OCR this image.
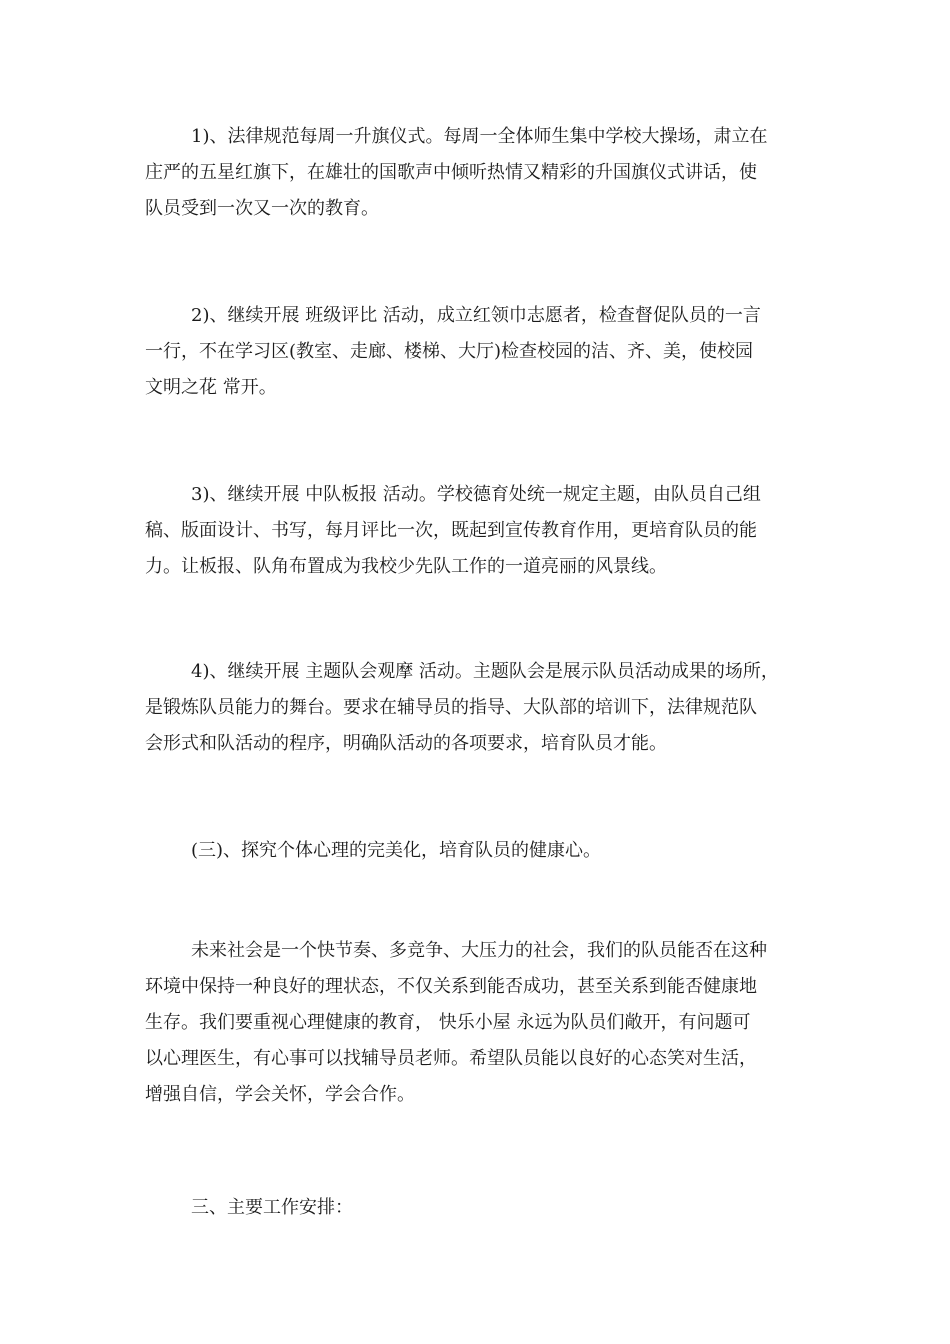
1)、法律规范每周一升旗仪式。每周一全体师生集中学校大操场，肃立在
庄严的五星红旗下，在雄壮的国歌声中倾听热情又精彩的升国旗仪式讲话，使
队员受到一次又一次的教育。

2)、继续开展 班级评比 活动，成立红领巾志愿者，检查督促队员的一言
一行，不在学习区(教室、走廊、楼梯、大厅)检查校园的洁、齐、美，使校园
文明之花 常开。

3)、继续开展 中队板报 活动。学校德育处统一规定主题，由队员自己组
稿、版面设计、书写，每月评比一次，既起到宣传教育作用，更培育队员的能
力。让板报、队角布置成为我校少先队工作的一道亮丽的风景线。

4)、继续开展 主题队会观摩 活动。主题队会是展示队员活动成果的场所，
是锻炼队员能力的舞台。要求在辅导员的指导、大队部的培训下，法律规范队
会形式和队活动的程序，明确队活动的各项要求，培育队员才能。

(三)、探究个体心理的完美化，培育队员的健康心。

未来社会是一个快节奏、多竞争、大压力的社会，我们的队员能否在这种
环境中保持一种良好的理状态，不仅关系到能否成功，甚至关系到能否健康地
生存。我们要重视心理健康的教育， 快乐小屋 永远为队员们敞开，有问题可
以心理医生，有心事可以找辅导员老师。希望队员能以良好的心态笑对生活，
增强自信，学会关怀，学会合作。

三、主要工作安排：
